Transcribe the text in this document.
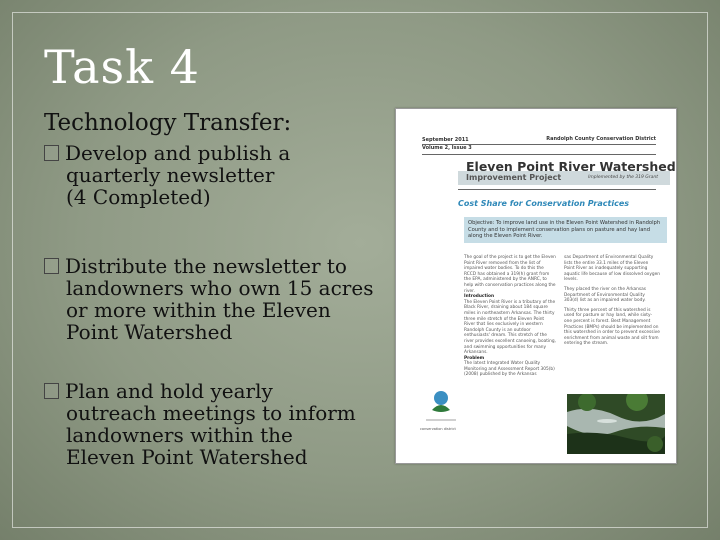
Task 4
Technology Transfer:
Develop and publish a
quarterly newsletter
(4 Completed)
Distribute the newsletter to
landowners who own 15 acres
or more within the Eleven
Point Watershed
Plan and hold yearly
outreach meetings to inform
landowners within the
Eleven Point Watershed
September 2011
Volume 2, Issue 3
Randolph County Conservation District
Eleven Point River Watershed
Improvement Project	Implemented by the 319 Grant
Cost Share for Conservation Practices
Objective: To improve land use in the Eleven Point Watershed in Randolph County and to implement conservation plans on pasture and hay land along the Eleven Point River.
The goal of the project is to get the Eleven Point River removed from the list of impaired water bodies. To do this the RCCD has obtained a 319(h) grant from the EPA, administered by the ANRC, to help with conservation practices along the river.
Introduction
The Eleven Point River is a tributary of the Black River, draining about 184 square miles in northeastern Arkansas. The thirty three mile stretch of the Eleven Point River that lies exclusively in western Randolph County is an outdoor enthusiasts' dream. This stretch of the river provides excellent canoeing, boating, and swimming opportunities for many Arkansans.
Problem
The latest Integrated Water Quality Monitoring and Assessment Report 305(b) (2008) published by the Arkansas
sas Department of Environmental Quality lists the entire 33.1 miles of the Eleven Point River as inadequately supporting aquatic life because of low dissolved oxygen levels.
They placed the river on the Arkansas Department of Environmental Quality 303(d) list as an impaired water body.
Thirty three percent of this watershed is used for pasture or hay land, while sixty-one percent is forest. Best Management Practices (BMPs) should be implemented on this watershed in order to prevent excessive enrichment from animal waste and silt from entering the stream.
conservation district
